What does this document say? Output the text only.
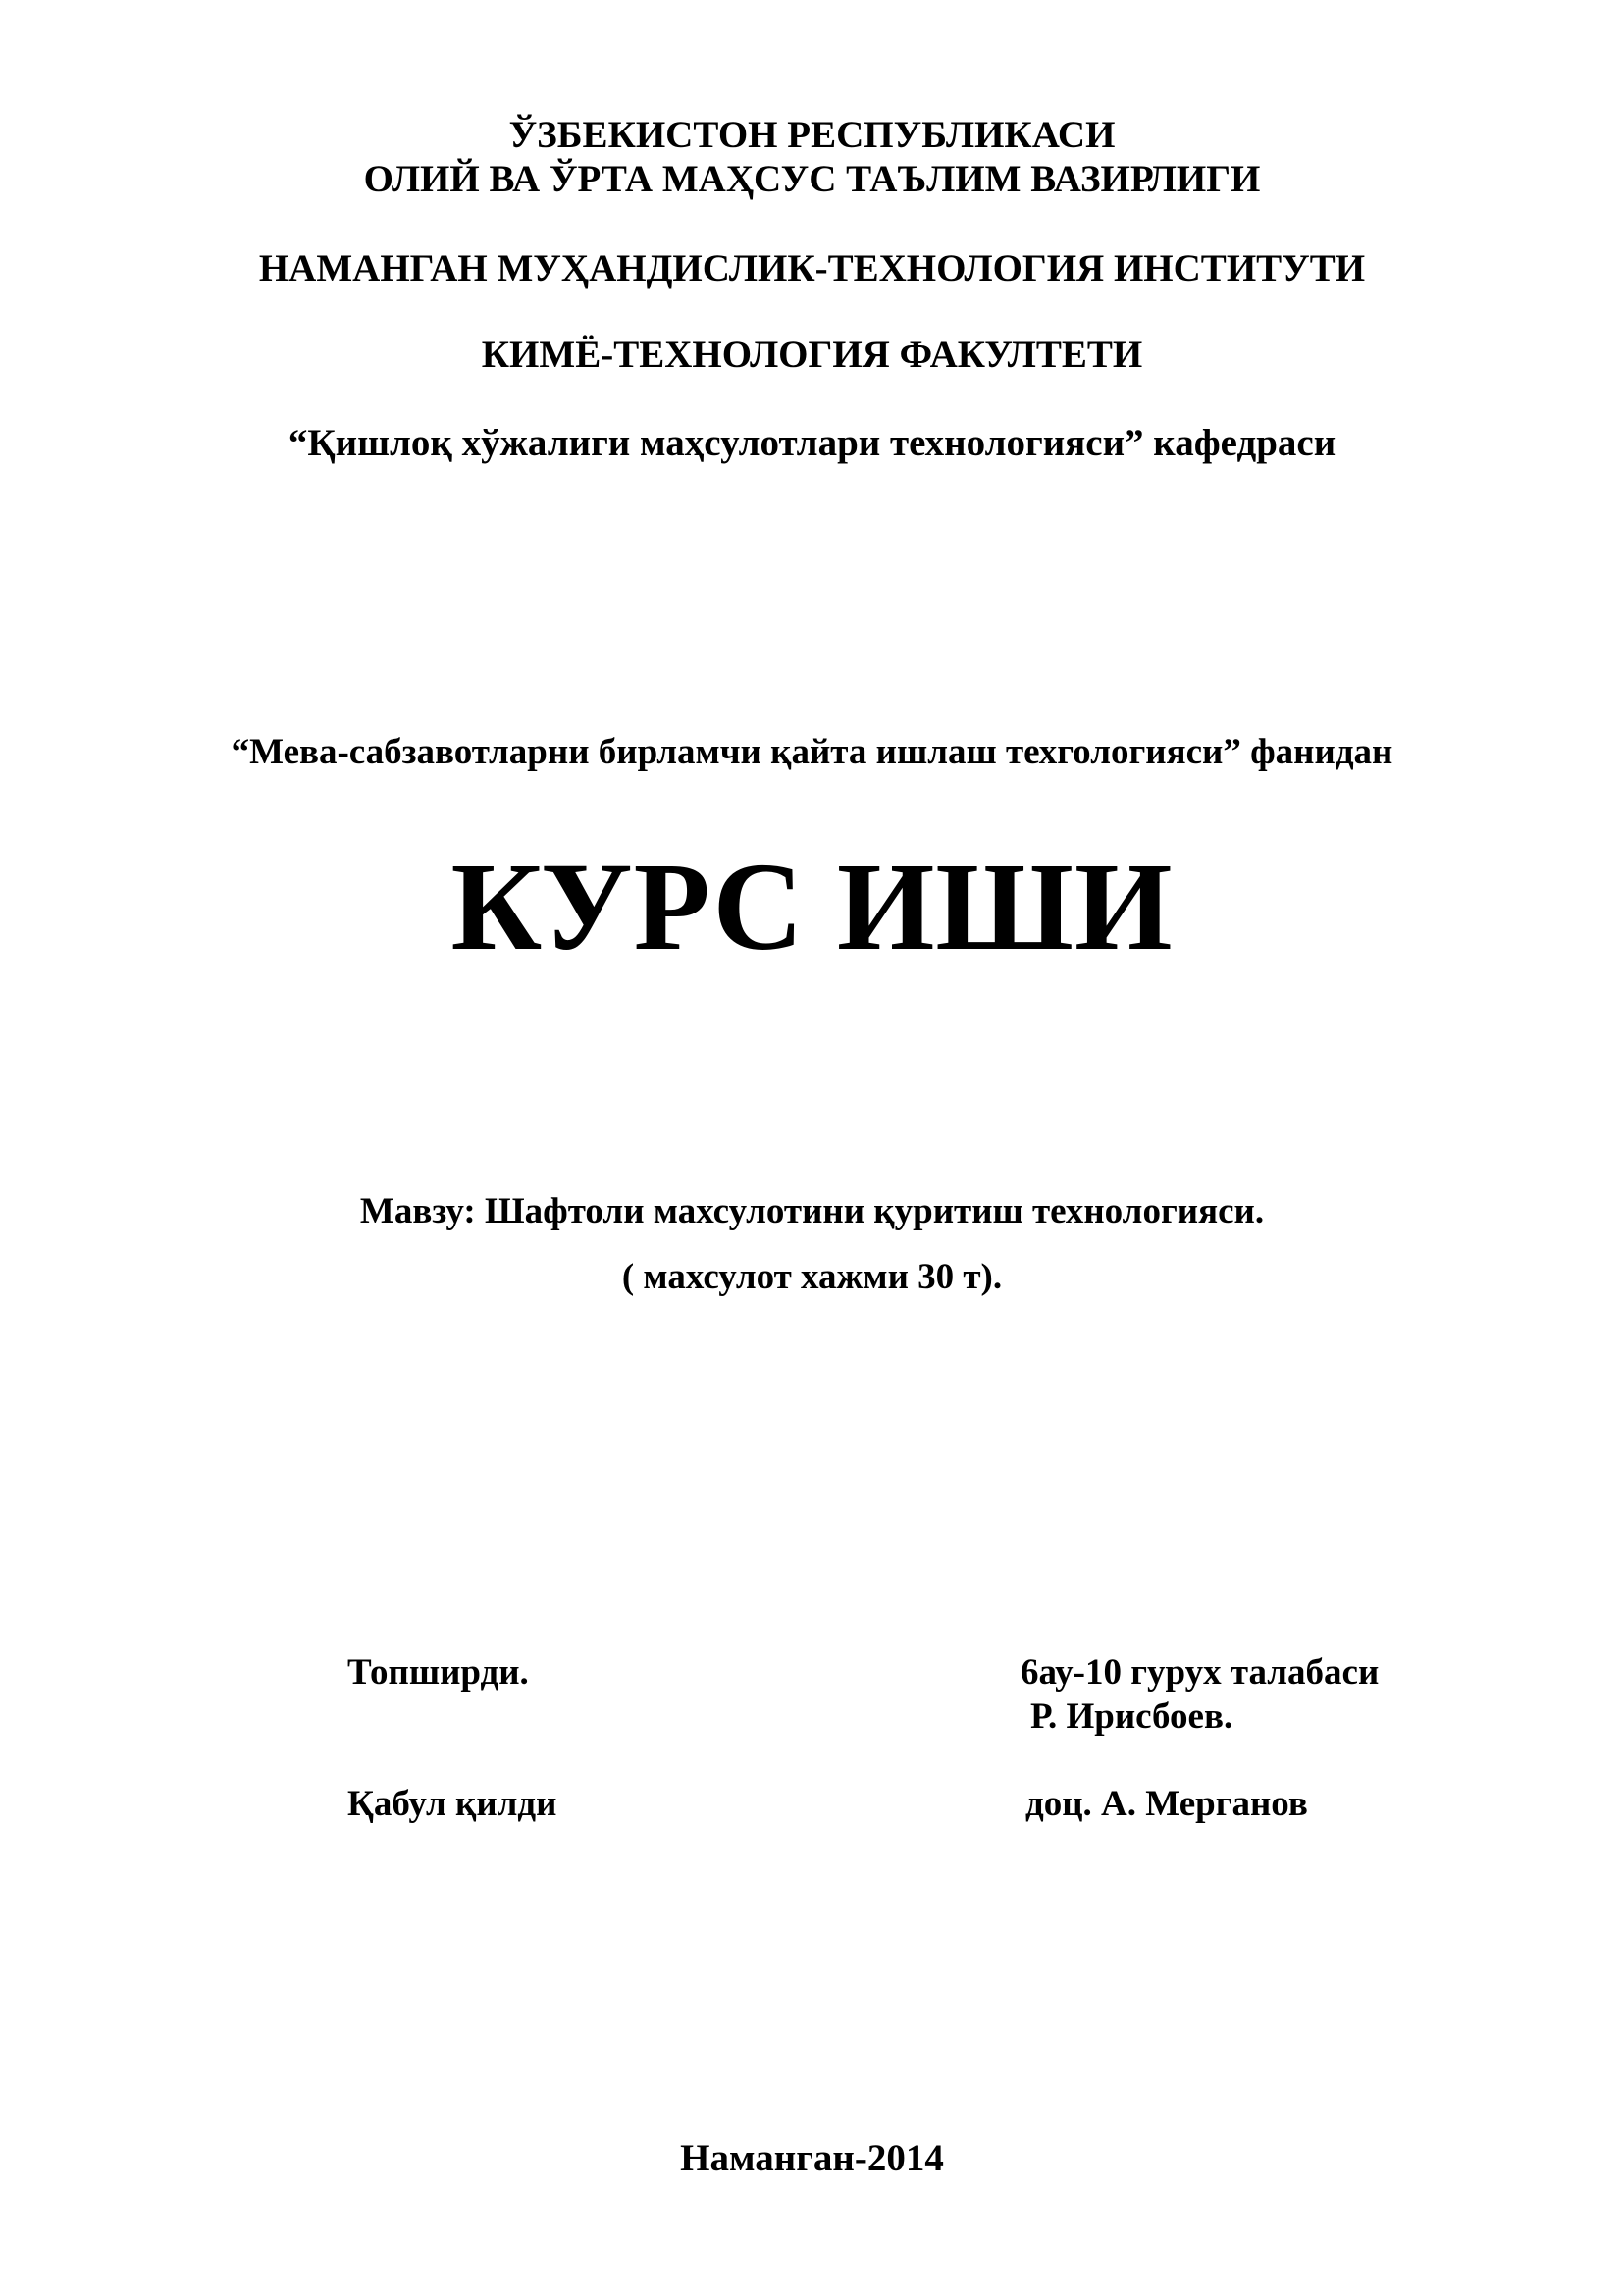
ЎЗБЕКИСТОН РЕСПУБЛИКАСИ
ОЛИЙ ВА ЎРТА МАҲСУС ТАЪЛИМ ВАЗИРЛИГИ
НАМАНГАН МУҲАНДИСЛИК-ТЕХНОЛОГИЯ ИНСТИТУТИ
КИМЁ-ТЕХНОЛОГИЯ ФАКУЛТЕТИ
“Қишлоқ хўжалиги маҳсулотлари технологияси” кафедраси
“Мева-сабзавотларни бирламчи қайта ишлаш техгологияси” фанидан
КУРС ИШИ
Мавзу: Шафтоли махсулотини қуритиш технологияси.
( махсулот хажми 30 т).
Топширди.	6ау-10 гурух талабаси
Р. Ирисбоев.
Қабул қилди	доц. А. Мерганов
Наманган-2014
